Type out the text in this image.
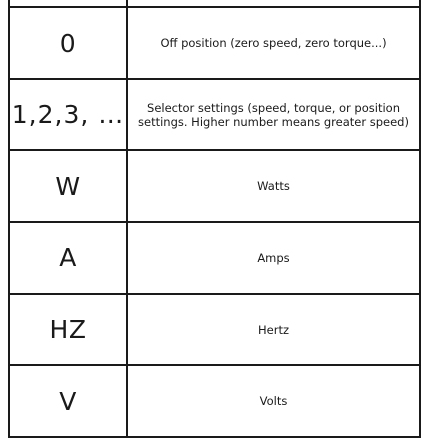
0	Off position (zero speed, zero torque...)
1,2,3, …	Selector settings (speed, torque, or position settings. Higher number means greater speed)
W	Watts
A	Amps
HZ	Hertz
V	Volts
